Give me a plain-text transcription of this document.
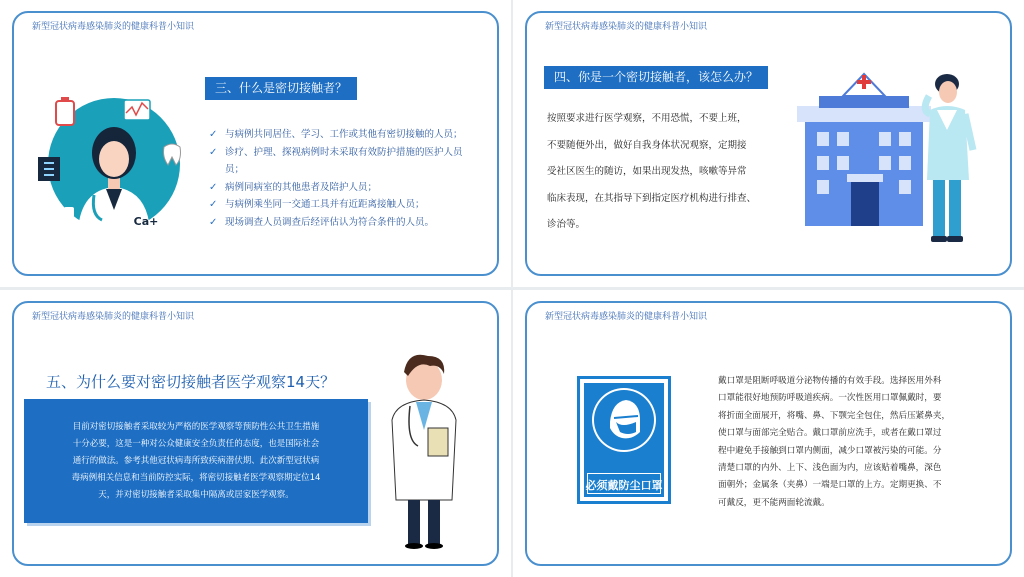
新型冠状病毒感染肺炎的健康科普小知识
Ca+
三、什么是密切接触者？
✓ 与病例共同居住、学习、工作或其他有密切接触的人员；
✓ 诊疗、护理、探视病例时未采取有效防护措施的医护人员
员；
✓ 病例同病室的其他患者及陪护人员；
✓ 与病例乘坐同一交通工具并有近距离接触人员；
✓ 现场调查人员调查后经评估认为符合条件的人员。
新型冠状病毒感染肺炎的健康科普小知识
四、你是一个密切接触者，该怎么办？
按照要求进行医学观察，不用恐慌，不要上班，
不要随便外出，做好自我身体状况观察，定期接
受社区医生的随访，如果出现发热，咳嗽等异常
临床表现，在其指导下到指定医疗机构进行排查、
诊治等。
新型冠状病毒感染肺炎的健康科普小知识
五、为什么要对密切接触者医学观察14天？

目前对密切接触者采取较为严格的医学观察等预防性公共卫生措施
十分必要，这是一种对公众健康安全负责任的态度，也是国际社会
通行的做法。参考其他冠状病毒所致疾病潜伏期、此次新型冠状病
毒病例相关信息和当前防控实际，将密切接触者医学观察期定位14
天，并对密切接触者采取集中隔离或居家医学观察。

新型冠状病毒感染肺炎的健康科普小知识
必须戴防尘口罩
戴口罩是阻断呼吸道分泌物传播的有效手段。选择医用外科
口罩能很好地预防呼吸道疾病。一次性医用口罩佩戴时，要
将折面全面展开，将嘴、鼻、下颚完全包住，然后压紧鼻夹，
使口罩与面部完全贴合。戴口罩前应洗手，或者在戴口罩过
程中避免手接触到口罩内侧面，减少口罩被污染的可能。分
清楚口罩的内外、上下、浅色面为内，应该贴着嘴鼻，深色
面朝外；金属条（夹鼻）一端是口罩的上方。定期更换、不
可戴反，更不能两面轮流戴。
